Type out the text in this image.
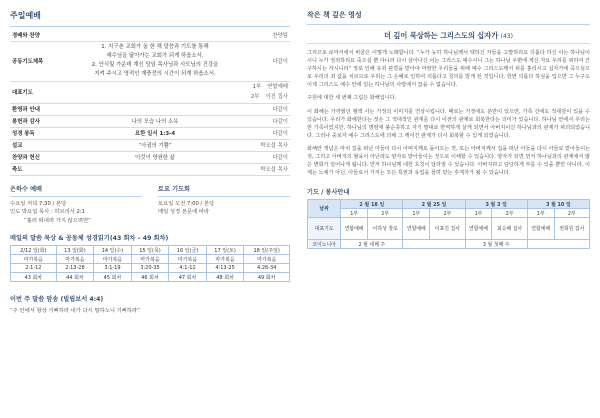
주일예배
경배와 찬양		찬양팀
공동기도제목	1. 지구촌 교회가 올 한 해 말씀과 기도를 통해
예수님을 닮아가는 교회가 되게 하옵소서.
2. 안식월 가운데 계신 담임 목사님과 사모님의 건강을
지켜 주시고 영적인 재충전의 시간이 되게 하옵소서.	다같이
대표기도		1부 연합예배
2부 이진 집사

환영과 안내		다같이
봉헌과 감사	나의 모습 나의 소유	다같이
성경 봉독	요한 일서 1:3-4	다같이
설교	“사귐의 기쁨”	박요섭 목사
찬양과 헌신	이것이 영원한 삶	다같이
축도		박요섭 목사
은하수 예배
수요일 저녁 7:30 / 본당
인도 박요섭 목사 : 히브리서 2:1
“흘러 떠내려 가지 않으려면”
토요 기도회
토요일 오전 7:00 / 본당
매일 성경 본문에 따라
매일의 말씀 묵상 & 공동체 성경읽기(43 회차 – 49 회차)
2/12 일(화)	13 일(화)	14 일(수)	15 일(목)	16 일(금)	17 일(토)	18 일(주일)
마가복음	마가복음	마가복음	마가복음	마가복음	마가복음	마가복음
2:1-12	2:13-28	3:1-19	3:20-35	4:1-12	4:13-25	4:26-34
43 회차	44 회차	45 회차	46 회차	47 회차	48 회차	49 회차
이번 주 말씀 암송 (빌립보서 4:4)
“주 안에서 항상 기뻐하라 내가 다시 말하노니 기뻐하라”
작은 책 깊은 영성
더 깊이 묵상하는 그리스도의 십자가 (43)

그리므로 로마서에서 바울은 이렇게 노래합니다. “누가 능히 하나님께서 택하신 자들을 고발하리요 의롭다 하신 이는 하나님이시니 누가 정죄하리요 죽으실 뿐 아니라 다시 살아나신 이는 그리스도 예수시니 그는 하나님 우편에 계신 자요 우리를 위하여 간구하시는 자시니라” 정로 인해 유죄 판결을 받아야 마땅한 우리들을 위해 예수 그리스도께서 피를 흘리시고 십자가에 죽으심으로 우리의 죄 값을 치르므로 우리는 그 은혜로 인하여 의롭다고 칭의를 받게 된 것입니다. 한번 의롭다 하심을 입으면 그 누구도 이제 그리스도 예수 안에 있는 하나님의 사랑에서 끊을 수 없습니다.

구원에 대한 세 번째 그림은 화해입니다.

이 화해는 가까웠던 혈액 사는 가정의 이미지를 연상시킵니다. 때로는 가정에도 분란이 있으면, 가족 간에도 적대감이 있을 수 있습니다. 우리가 화해한다는 것은 그 적대적인 관계를 다시 이전의 관계로 회복한다는 의미가 있습니다. 하나님 안에서 우리는 한 가족이었지만, 하나님의 명령에 불순종하고 자기 말대로 반역하게 살게 되면서 아버지이신 하나님과의 관계가 파괴되었습니다. 그러나 중보자 예수 그리스도에 의해 그 깨어진 관계가 다시 회복할 수 있게 되었습니다.

화해란 개념은 마치 집을 떠난 아들이 다시 아버지께로 돌아오는 것, 또는 아버지께서 집을 떠난 아들을 다시 아들로 받아들이는 것, 그리고 아버지의 혈육이 아닌데도 양자로 받아들이는 것으로 이해할 수 있습니다. 양자가 되면 먼저 하나님과의 관계에서 많은 변화가 일어나게 됩니다. 먼저 하나님께 대한 호칭이 달라질 수 있습니다. 아버지라고 담당하게 부를 수 있을 뿐만 아니라, 이제는 노예가 아닌, 아들로서 가지는 모든 특권과 유업을 물려 받는 후계자가 될 수 있습니다.

기도 / 봉사안내
날짜	2 월 18 일		2 월 25 일		3 월 3 일		3 월 10 일	
	1부	2부	1부	2부	1부	2부	1부	2부
대표기도	연합예배	이하성 장로	연합예배	이표진 집사	연합예배	최승혜 집사	연합예배	권희원 집사
코이노니아	2 월 세째 주				3 월 첫째 주			
